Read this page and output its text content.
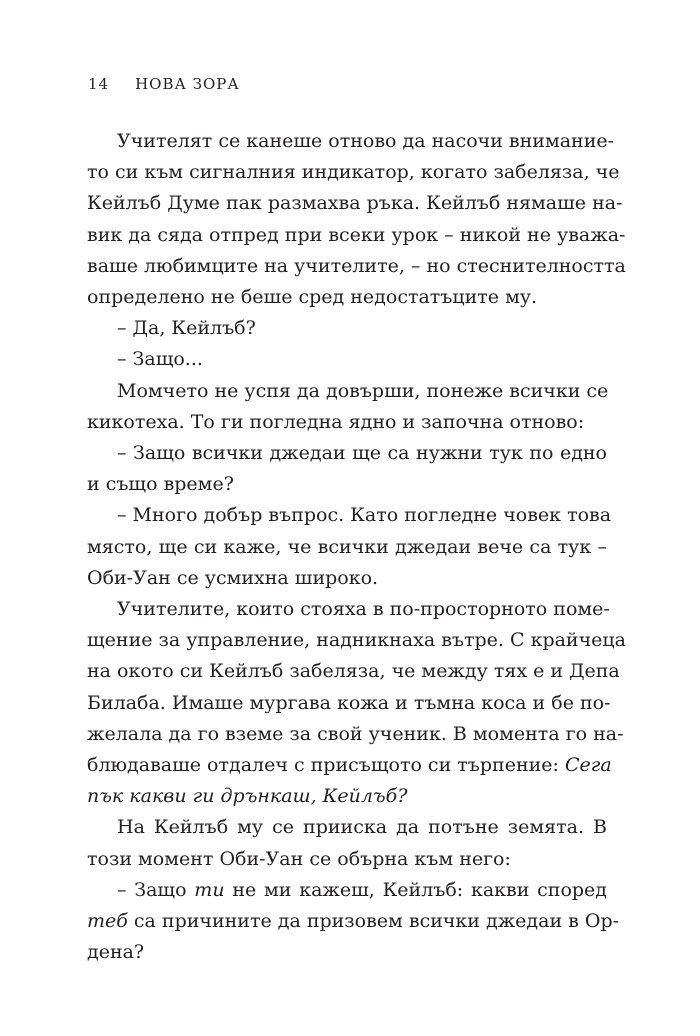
14 НОВА ЗОРА
Учителят се канеше отново да насочи внимание-
то си към сигналния индикатор, когато забеляза, че
Кейлъб Думе пак размахва ръка. Кейлъб нямаше на-
вик да сяда отпред при всеки урок – никой не уважа-
ваше любимците на учителите, – но стеснителността
определено не беше сред недостатъците му.
– Да, Кейлъб?
– Защо...
Момчето не успя да довърши, понеже всички се
кикотеха. То ги погледна ядно и започна отново:
– Защо всички джедаи ще са нужни тук по едно
и също време?
– Много добър въпрос. Като погледне човек това
място, ще си каже, че всички джедаи вече са тук –
Оби-Уан се усмихна широко.
Учителите, които стояха в по-просторното поме-
щение за управление, надникнаха вътре. С крайчеца
на окото си Кейлъб забеляза, че между тях е и Депа
Билаба. Имаше мургава кожа и тъмна коса и бе по-
желала да го вземе за свой ученик. В момента го на-
блюдаваше отдалеч с присъщото си търпение: Сега
пък какви ги дрънкаш, Кейлъб?
На Кейлъб му се прииска да потъне земята. В
този момент Оби-Уан се обърна към него:
– Защо ти не ми кажеш, Кейлъб: какви според
теб са причините да призовем всички джедаи в Ор-
дена?
